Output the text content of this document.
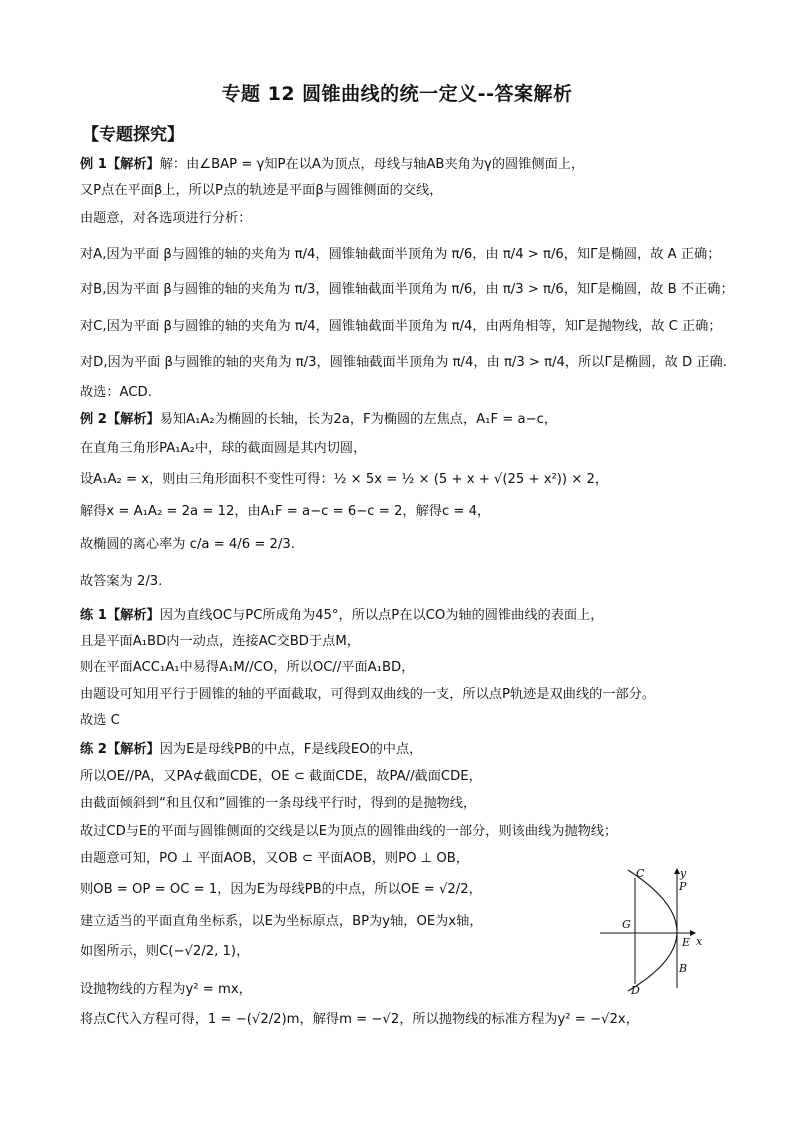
专题 12 圆锥曲线的统一定义--答案解析
【专题探究】
例 1【解析】解：由∠BAP = γ知P在以A为顶点，母线与轴AB夹角为γ的圆锥侧面上，
又P点在平面β上，所以P点的轨迹是平面β与圆锥侧面的交线，
由题意，对各选项进行分析：
对A,因为平面 β与圆锥的轴的夹角为 π/4，圆锥轴截面半顶角为 π/6，由 π/4 > π/6，知Γ是椭圆，故 A 正确；
对B,因为平面 β与圆锥的轴的夹角为 π/3，圆锥轴截面半顶角为 π/6，由 π/3 > π/6，知Γ是椭圆，故 B 不正确；
对C,因为平面 β与圆锥的轴的夹角为 π/4，圆锥轴截面半顶角为 π/4，由两角相等，知Γ是抛物线，故 C 正确；
对D,因为平面 β与圆锥的轴的夹角为 π/3，圆锥轴截面半顶角为 π/4，由 π/3 > π/4，所以Γ是椭圆，故 D 正确.
故选：ACD.
例 2【解析】易知A₁A₂为椭圆的长轴，长为2a，F为椭圆的左焦点，A₁F = a−c，
在直角三角形PA₁A₂中，球的截面圆是其内切圆，
设A₁A₂ = x，则由三角形面积不变性可得：½ × 5x = ½ × (5 + x + √(25 + x²)) × 2，
解得x = A₁A₂ = 2a = 12，由A₁F = a−c = 6−c = 2，解得c = 4，
故椭圆的离心率为 c/a = 4/6 = 2/3.
故答案为 2/3.
练 1【解析】因为直线OC与PC所成角为45°，所以点P在以CO为轴的圆锥曲线的表面上，
且是平面A₁BD内一动点，连接AC交BD于点M，
则在平面ACC₁A₁中易得A₁M//CO，所以OC//平面A₁BD，
由题设可知用平行于圆锥的轴的平面截取，可得到双曲线的一支，所以点P轨迹是双曲线的一部分。
故选 C
练 2【解析】因为E是母线PB的中点，F是线段EO的中点，
所以OE//PA，又PA⊄截面CDE，OE ⊂ 截面CDE，故PA//截面CDE，
由截面倾斜到“和且仅和”圆锥的一条母线平行时，得到的是抛物线，
故过CD与E的平面与圆锥侧面的交线是以E为顶点的圆锥曲线的一部分，则该曲线为抛物线；
由题意可知，PO ⊥ 平面AOB，又OB ⊂ 平面AOB，则PO ⊥ OB，
则OB = OP = OC = 1，因为E为母线PB的中点，所以OE = √2/2，
建立适当的平面直角坐标系，以E为坐标原点，BP为y轴，OE为x轴，
如图所示，则C(−√2/2, 1)，
设抛物线的方程为y² = mx，
将点C代入方程可得，1 = −(√2/2)m，解得m = −√2，所以抛物线的标准方程为y² = −√2x，
C	y
P
G
E x
B
D
